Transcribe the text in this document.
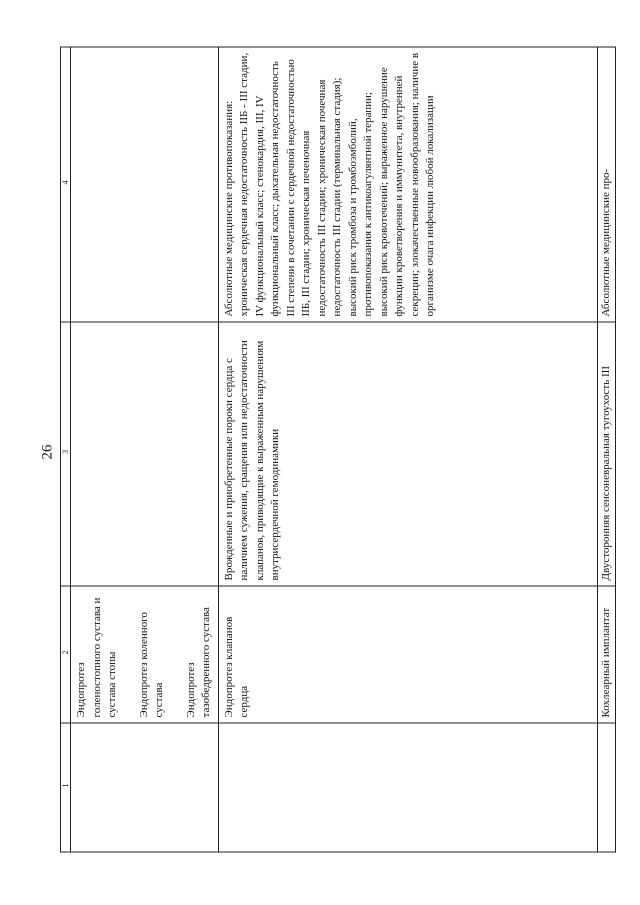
26
1	2	3	4

	Эндопротез голеностопного сустава и сустава стопы Эндопротез коленного сустава Эндопротез тазобедренного сустава		

	Эндопротез клапанов сердца	Врожденные и приобретенные пороки сердца с наличием сужения, сращения или недостаточности клапанов, приводящие к выраженным нарушениям внутрисердечной гемодинамики	Абсолютные медицинские противопоказания: хроническая сердечная недостаточность IIБ - III стадии, IV функциональный класс; стенокардия, III, IV функциональный класс; дыхательная недостаточность III степени в сочетании с сердечной недостаточностью IIБ, III стадии; хроническая печеночная недостаточность III стадии; хроническая почечная недостаточность III стадии (терминальная стадия); высокий риск тромбоза и тромбоэмболий, противопоказания к антикоагулянтной терапии; высокий риск кровотечений; выраженное нарушение функции кроветворения и иммунитета, внутренней секреции; злокачественные новообразования; наличие в организме очага инфекции любой локализации
	Кохлеарный имплантат	Двусторонняя сенсоневральная тугоухость III	Абсолютные медицинские про-
